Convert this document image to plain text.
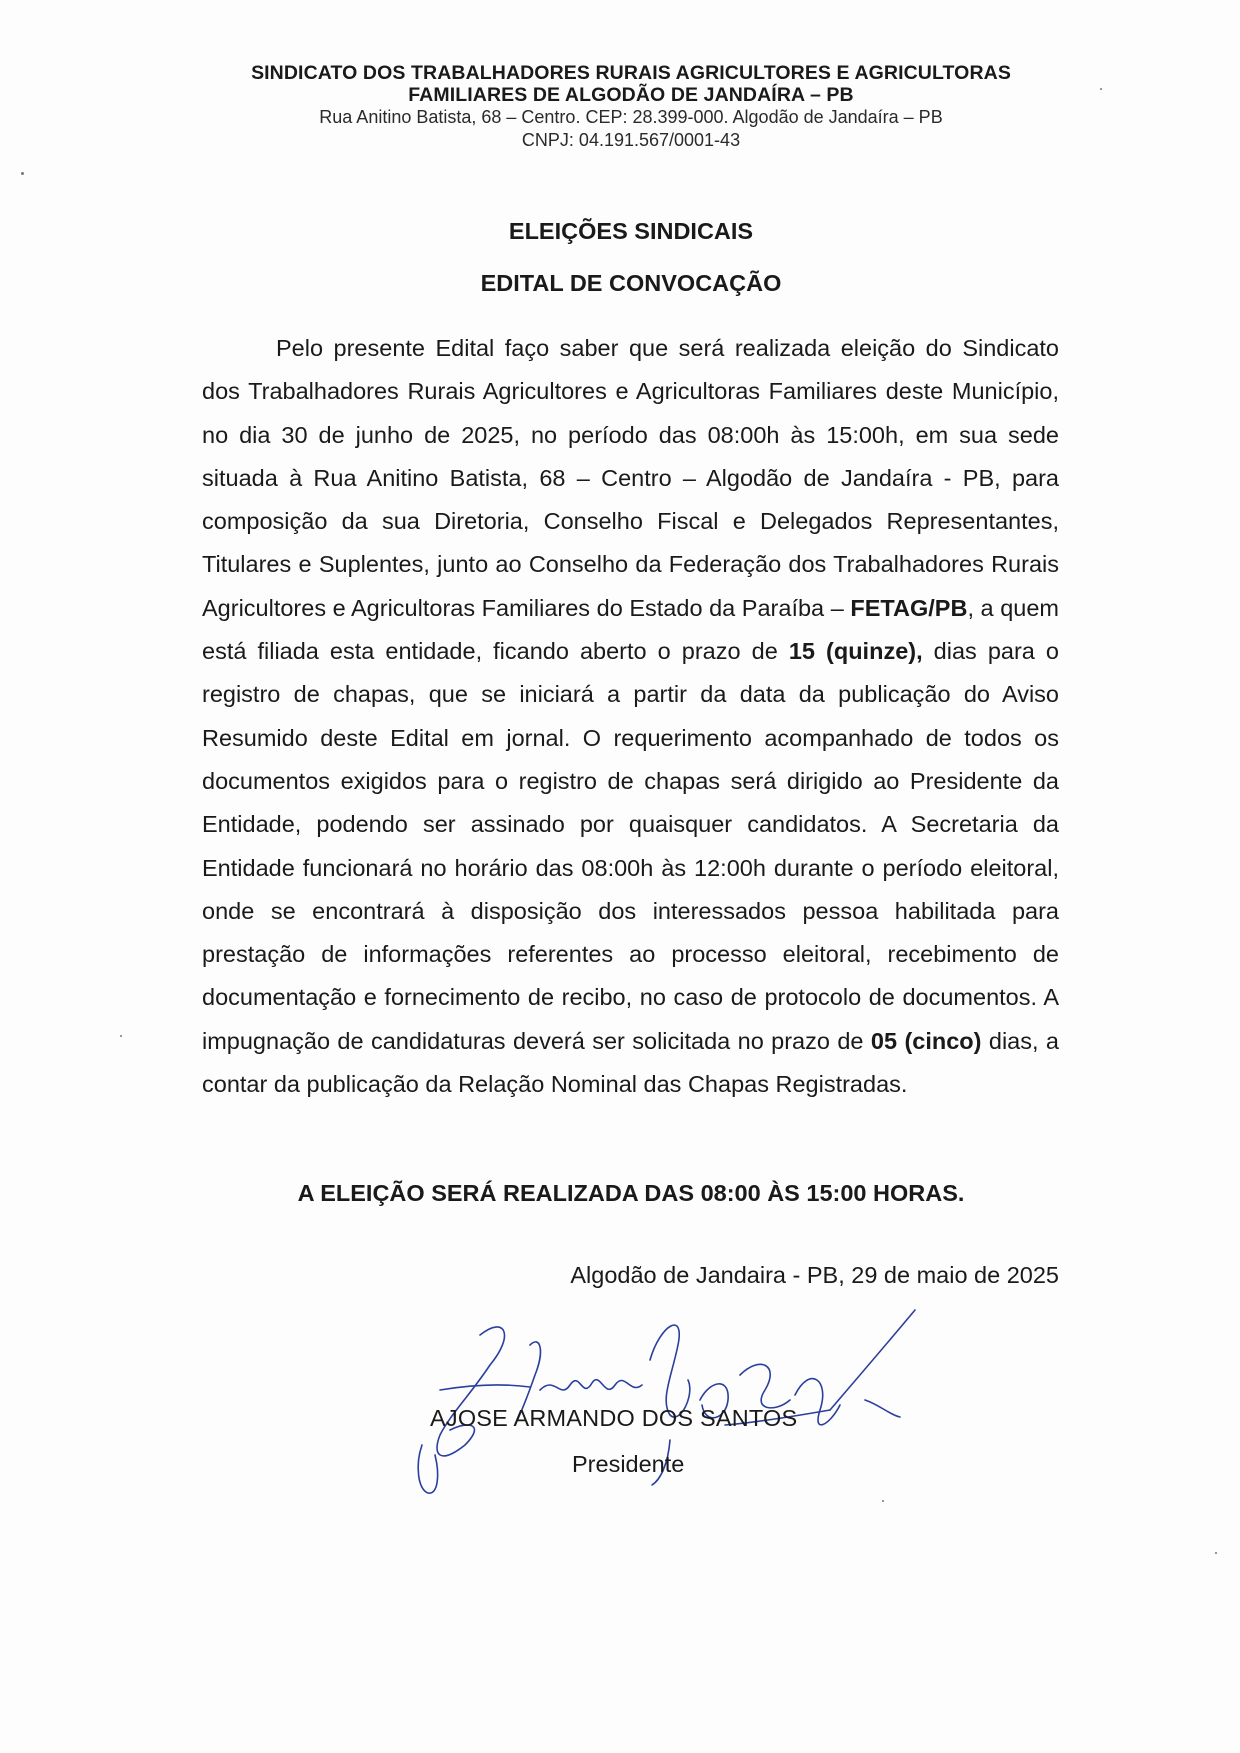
SINDICATO DOS TRABALHADORES RURAIS AGRICULTORES E AGRICULTORAS
FAMILIARES DE ALGODÃO DE JANDAÍRA – PB
Rua Anitino Batista, 68 – Centro. CEP: 28.399-000. Algodão de Jandaíra – PB
CNPJ: 04.191.567/0001-43
ELEIÇÕES SINDICAIS
EDITAL DE CONVOCAÇÃO

Pelo presente Edital faço saber que será realizada eleição do Sindicato dos Trabalhadores Rurais Agricultores e Agricultoras Familiares deste Município, no dia 30 de junho de 2025, no período das 08:00h às 15:00h, em sua sede situada à Rua Anitino Batista, 68 – Centro – Algodão de Jandaíra - PB, para composição da sua Diretoria, Conselho Fiscal e Delegados Representantes, Titulares e Suplentes, junto ao Conselho da Federação dos Trabalhadores Rurais Agricultores e Agricultoras Familiares do Estado da Paraíba – FETAG/PB, a quem está filiada esta entidade, ficando aberto o prazo de 15 (quinze), dias para o registro de chapas, que se iniciará a partir da data da publicação do Aviso Resumido deste Edital em jornal. O requerimento acompanhado de todos os documentos exigidos para o registro de chapas será dirigido ao Presidente da Entidade, podendo ser assinado por quaisquer candidatos. A Secretaria da Entidade funcionará no horário das 08:00h às 12:00h durante o período eleitoral, onde se encontrará à disposição dos interessados pessoa habilitada para prestação de informações referentes ao processo eleitoral, recebimento de documentação e fornecimento de recibo, no caso de protocolo de documentos. A impugnação de candidaturas deverá ser solicitada no prazo de 05 (cinco) dias, a contar da publicação da Relação Nominal das Chapas Registradas.

A ELEIÇÃO SERÁ REALIZADA DAS 08:00 ÀS 15:00 HORAS.
Algodão de Jandaira - PB, 29 de maio de 2025
AJOSE ARMANDO DOS SANTOS
Presidente
